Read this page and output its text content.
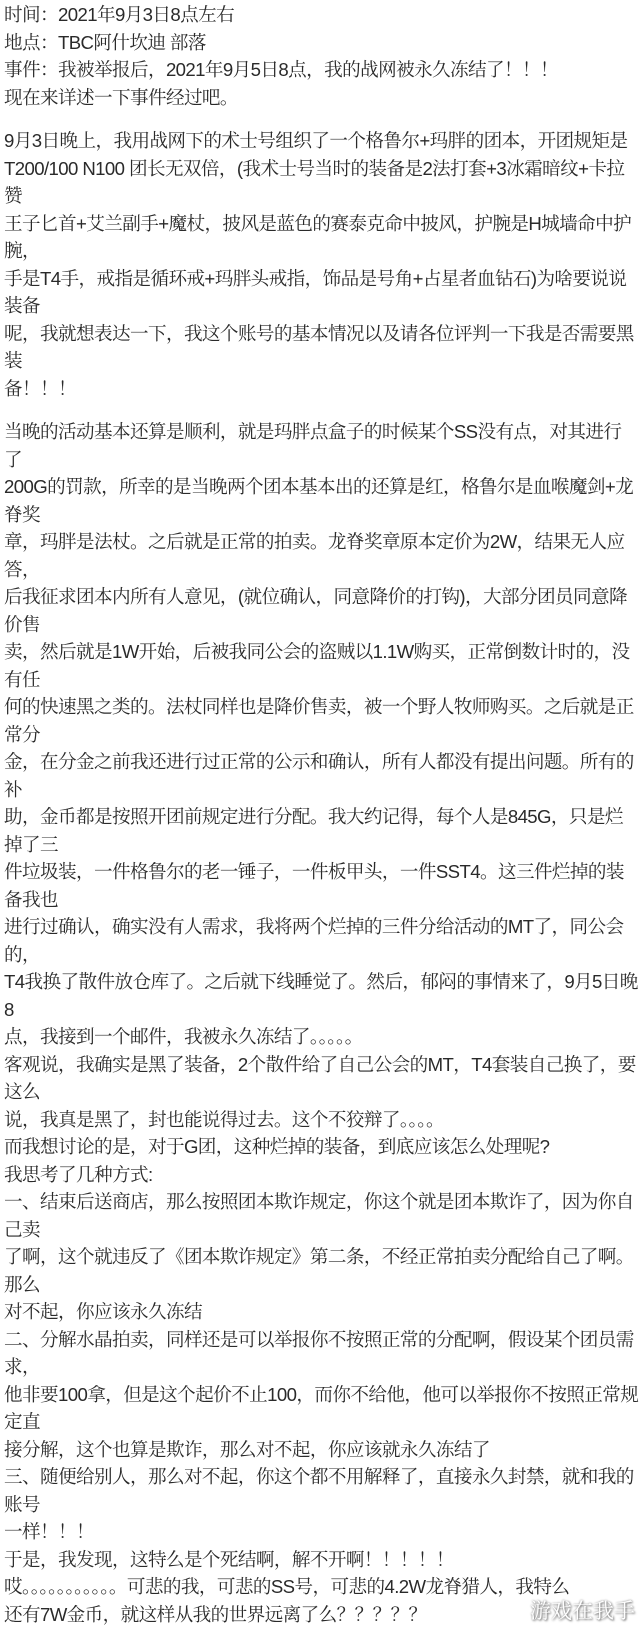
时间：2021年9月3日8点左右
地点：TBC阿什坎迪 部落
事件：我被举报后，2021年9月5日8点，我的战网被永久冻结了！！！
现在来详述一下事件经过吧。
9月3日晚上，我用战网下的术士号组织了一个格鲁尔+玛胖的团本，开团规矩是
T200/100 N100 团长无双倍，(我术士号当时的装备是2法打套+3冰霜暗纹+卡拉赞
王子匕首+艾兰副手+魔杖，披风是蓝色的赛泰克命中披风，护腕是H城墙命中护腕，
手是T4手，戒指是循环戒+玛胖头戒指，饰品是号角+占星者血钻石)为啥要说说装备
呢，我就想表达一下，我这个账号的基本情况以及请各位评判一下我是否需要黑装
备！！！
当晚的活动基本还算是顺利，就是玛胖点盒子的时候某个SS没有点，对其进行了
200G的罚款，所幸的是当晚两个团本基本出的还算是红，格鲁尔是血喉魔剑+龙脊奖
章，玛胖是法杖。之后就是正常的拍卖。龙脊奖章原本定价为2W，结果无人应答，
后我征求团本内所有人意见，(就位确认，同意降价的打钩)，大部分团员同意降价售
卖，然后就是1W开始，后被我同公会的盗贼以1.1W购买，正常倒数计时的，没有任
何的快速黑之类的。法杖同样也是降价售卖，被一个野人牧师购买。之后就是正常分
金，在分金之前我还进行过正常的公示和确认，所有人都没有提出问题。所有的补
助，金币都是按照开团前规定进行分配。我大约记得，每个人是845G，只是烂掉了三
件垃圾装，一件格鲁尔的老一锤子，一件板甲头，一件SST4。这三件烂掉的装备我也
进行过确认，确实没有人需求，我将两个烂掉的三件分给活动的MT了，同公会的，
T4我换了散件放仓库了。之后就下线睡觉了。然后，郁闷的事情来了，9月5日晚8
点，我接到一个邮件，我被永久冻结了。。。。。
客观说，我确实是黑了装备，2个散件给了自己公会的MT，T4套装自己换了，要这么
说，我真是黑了，封也能说得过去。这个不狡辩了。。。。
而我想讨论的是，对于G团，这种烂掉的装备，到底应该怎么处理呢?
我思考了几种方式:
一、结束后送商店，那么按照团本欺诈规定，你这个就是团本欺诈了，因为你自己卖
了啊，这个就违反了《团本欺诈规定》第二条，不经正常拍卖分配给自己了啊。那么
对不起，你应该永久冻结
二、分解水晶拍卖，同样还是可以举报你不按照正常的分配啊，假设某个团员需求，
他非要100拿，但是这个起价不止100，而你不给他，他可以举报你不按照正常规定直
接分解，这个也算是欺诈，那么对不起，你应该就永久冻结了
三、随便给别人，那么对不起，你这个都不用解释了，直接永久封禁，就和我的账号
一样！！！
于是，我发现，这特么是个死结啊，解不开啊！！！！！
哎。。。。。。。。。。。可悲的我，可悲的SS号，可悲的4.2W龙脊猎人，我特么
还有7W金币，就这样从我的世界远离了么？？？？？	游戏在我手
